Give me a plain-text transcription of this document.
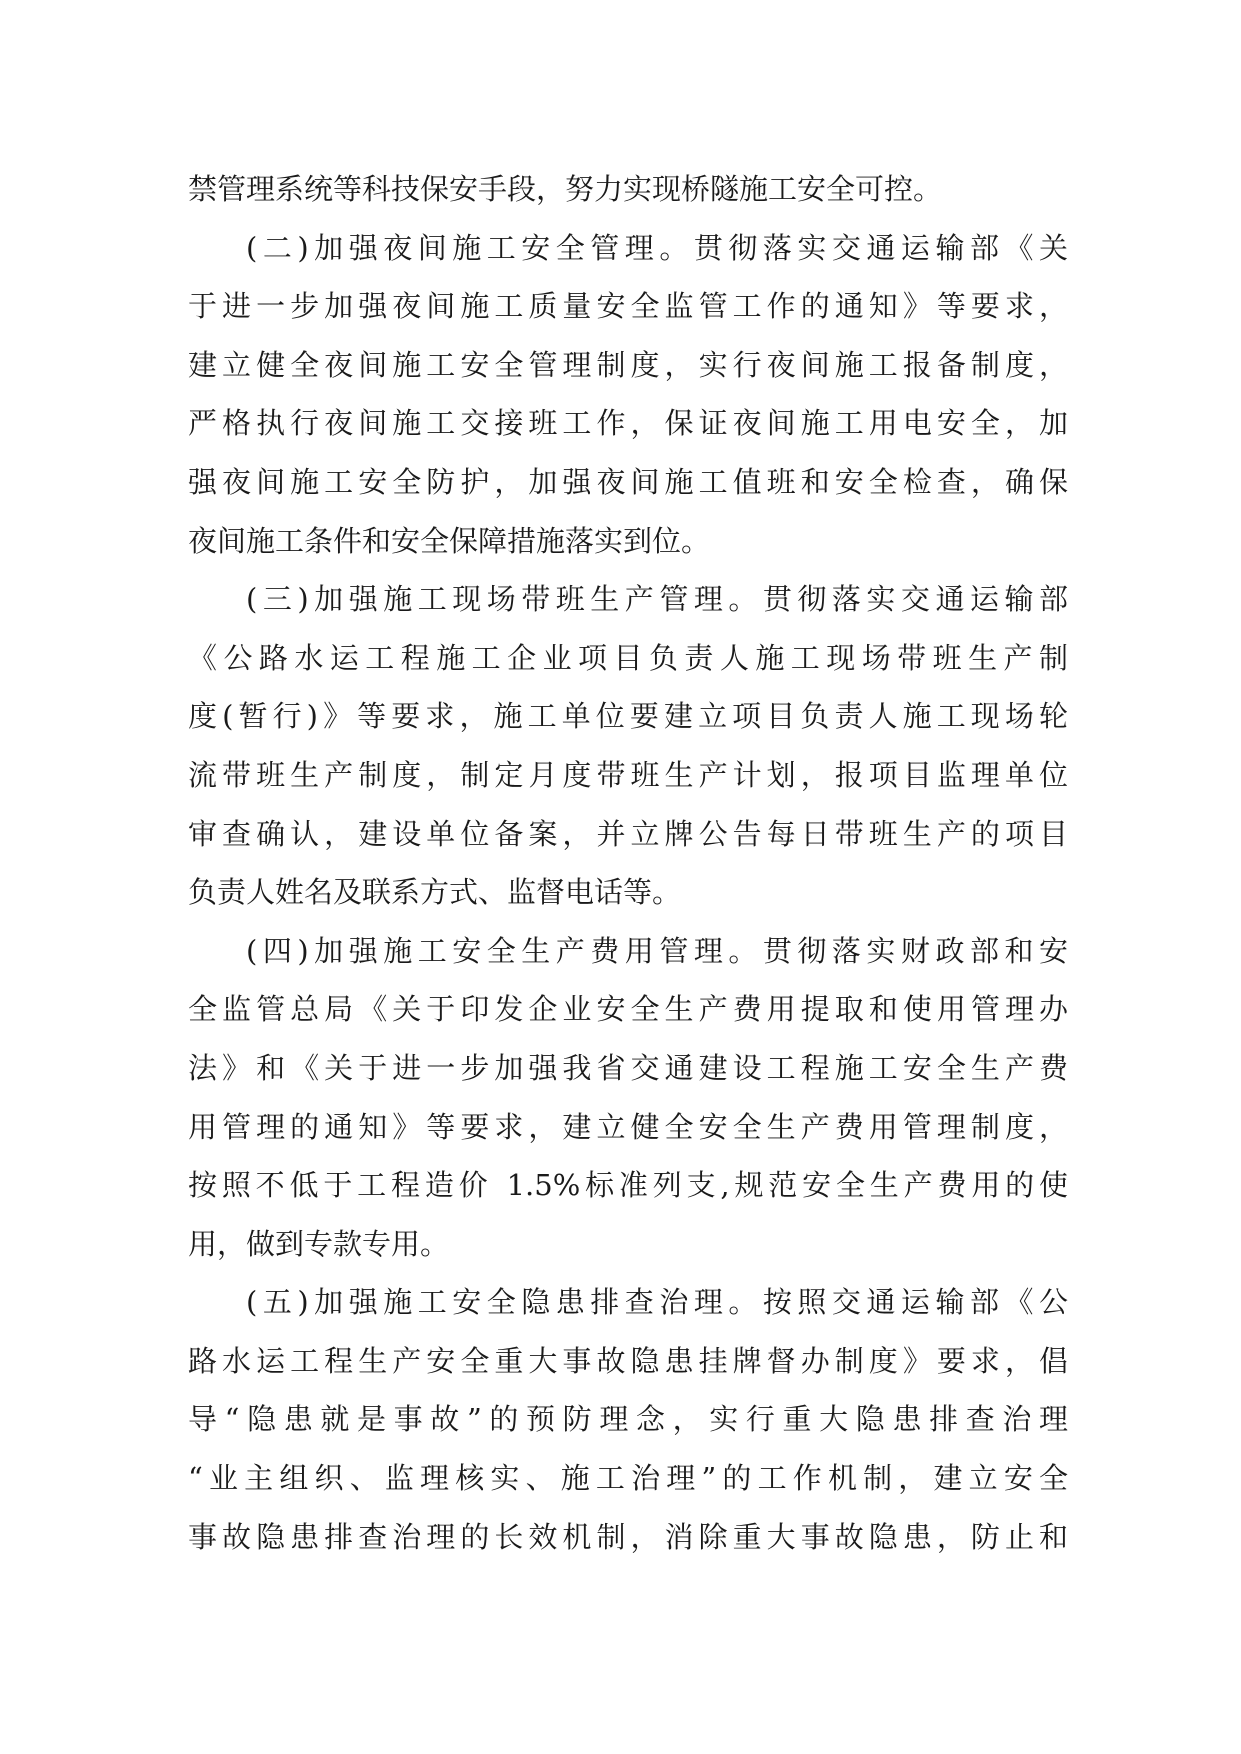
禁管理系统等科技保安手段，努力实现桥隧施工安全可控。
(二)加强夜间施工安全管理。贯彻落实交通运输部《关
于进一步加强夜间施工质量安全监管工作的通知》等要求，
建立健全夜间施工安全管理制度，实行夜间施工报备制度，
严格执行夜间施工交接班工作，保证夜间施工用电安全，加
强夜间施工安全防护，加强夜间施工值班和安全检查，确保
夜间施工条件和安全保障措施落实到位。
(三)加强施工现场带班生产管理。贯彻落实交通运输部
《公路水运工程施工企业项目负责人施工现场带班生产制
度(暂行)》等要求，施工单位要建立项目负责人施工现场轮
流带班生产制度，制定月度带班生产计划，报项目监理单位
审查确认，建设单位备案，并立牌公告每日带班生产的项目
负责人姓名及联系方式、监督电话等。
(四)加强施工安全生产费用管理。贯彻落实财政部和安
全监管总局《关于印发企业安全生产费用提取和使用管理办
法》和《关于进一步加强我省交通建设工程施工安全生产费
用管理的通知》等要求，建立健全安全生产费用管理制度，
按照不低于工程造价 1.5%标准列支,规范安全生产费用的使
用，做到专款专用。
(五)加强施工安全隐患排查治理。按照交通运输部《公
路水运工程生产安全重大事故隐患挂牌督办制度》要求，倡
导“隐患就是事故”的预防理念，实行重大隐患排查治理
“业主组织、监理核实、施工治理”的工作机制，建立安全
事故隐患排查治理的长效机制，消除重大事故隐患，防止和
